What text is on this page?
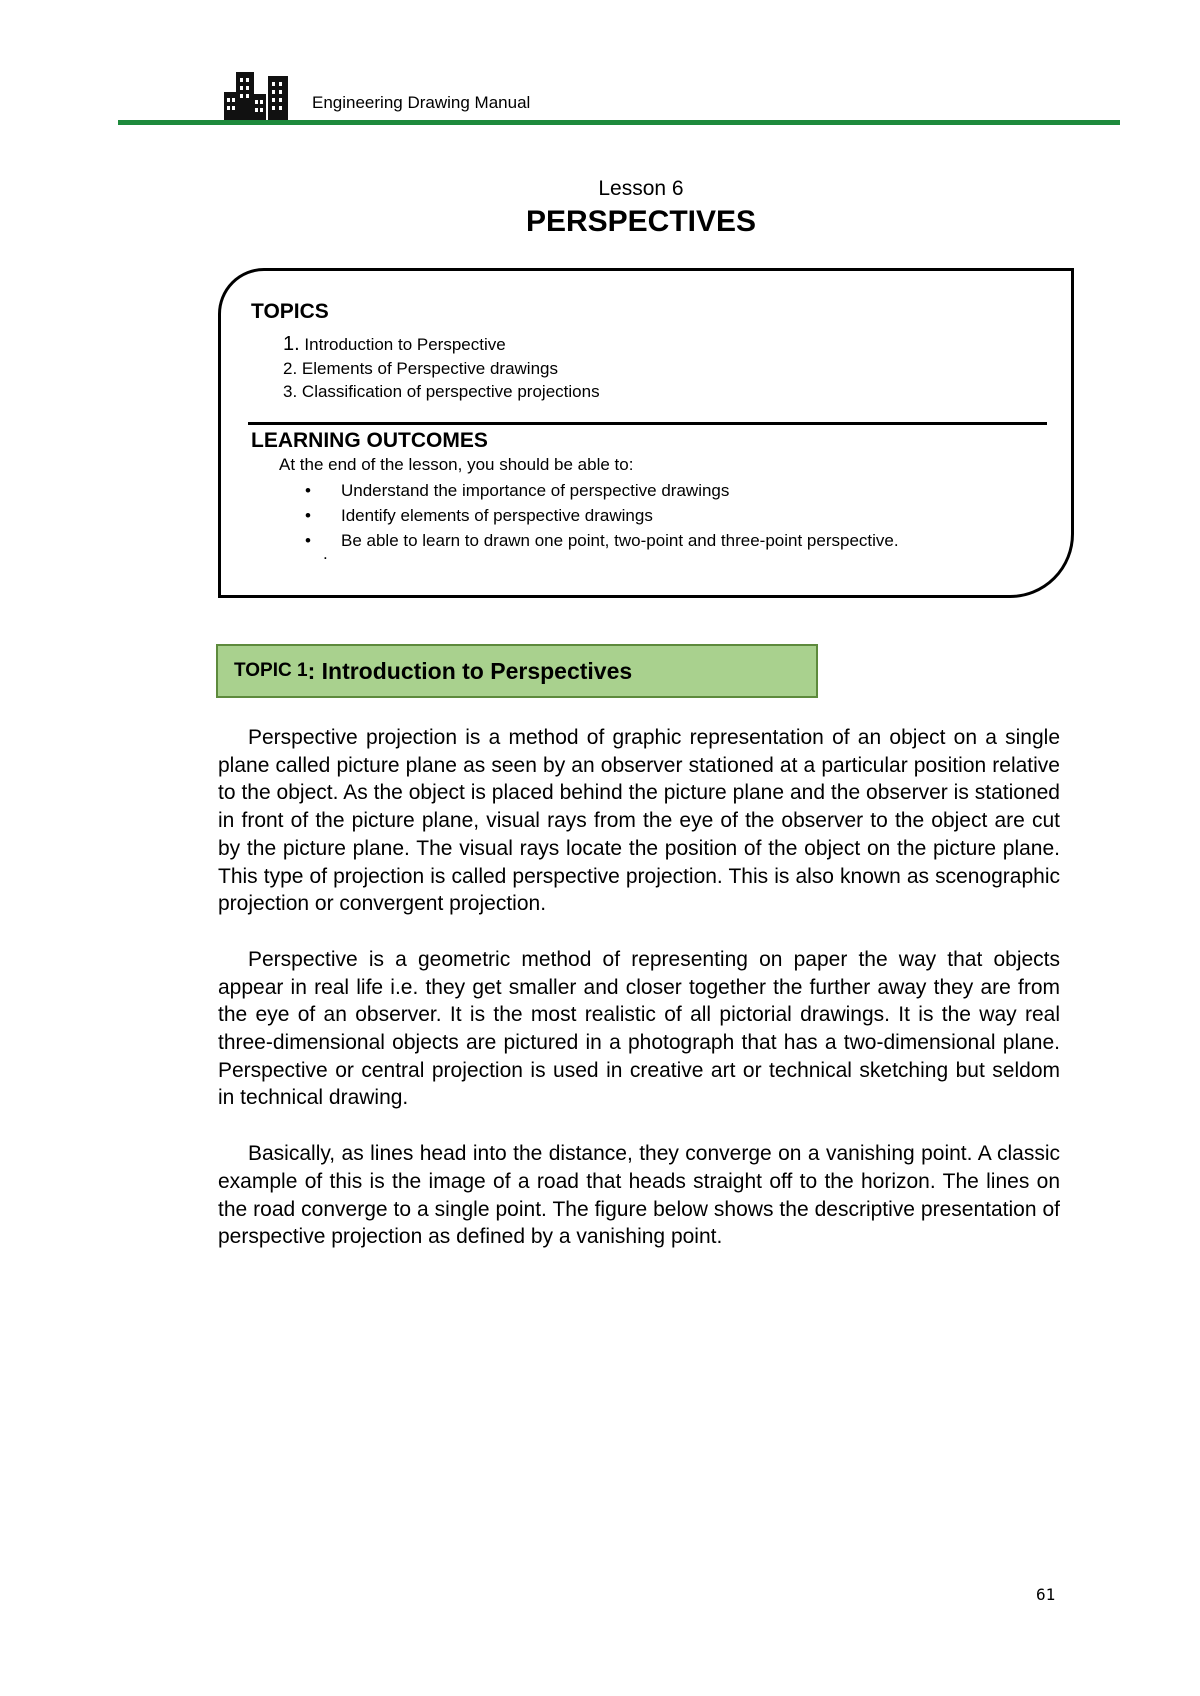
Engineering Drawing Manual
Lesson 6
PERSPECTIVES
TOPICS
1. Introduction to Perspective
2. Elements of Perspective drawings
3. Classification of perspective projections
LEARNING OUTCOMES
At the end of the lesson, you should be able to:
• Understand the importance of perspective drawings
• Identify elements of perspective drawings
• Be able to learn to drawn one point, two-point and three-point perspective.
.
TOPIC 1 : Introduction to Perspectives

Perspective projection is a method of graphic representation of an object on a single plane called picture plane as seen by an observer stationed at a particular position relative to the object. As the object is placed behind the picture plane and the observer is stationed in front of the picture plane, visual rays from the eye of the observer to the object are cut by the picture plane. The visual rays locate the position of the object on the picture plane. This type of projection is called perspective projection. This is also known as scenographic projection or convergent projection.

Perspective is a geometric method of representing on paper the way that objects appear in real life i.e. they get smaller and closer together the further away they are from the eye of an observer. It is the most realistic of all pictorial drawings. It is the way real three-dimensional objects are pictured in a photograph that has a two-dimensional plane. Perspective or central projection is used in creative art or technical sketching but seldom in technical drawing.

Basically, as lines head into the distance, they converge on a vanishing point. A classic example of this is the image of a road that heads straight off to the horizon. The lines on the road converge to a single point. The figure below shows the descriptive presentation of perspective projection as defined by a vanishing point.

61
